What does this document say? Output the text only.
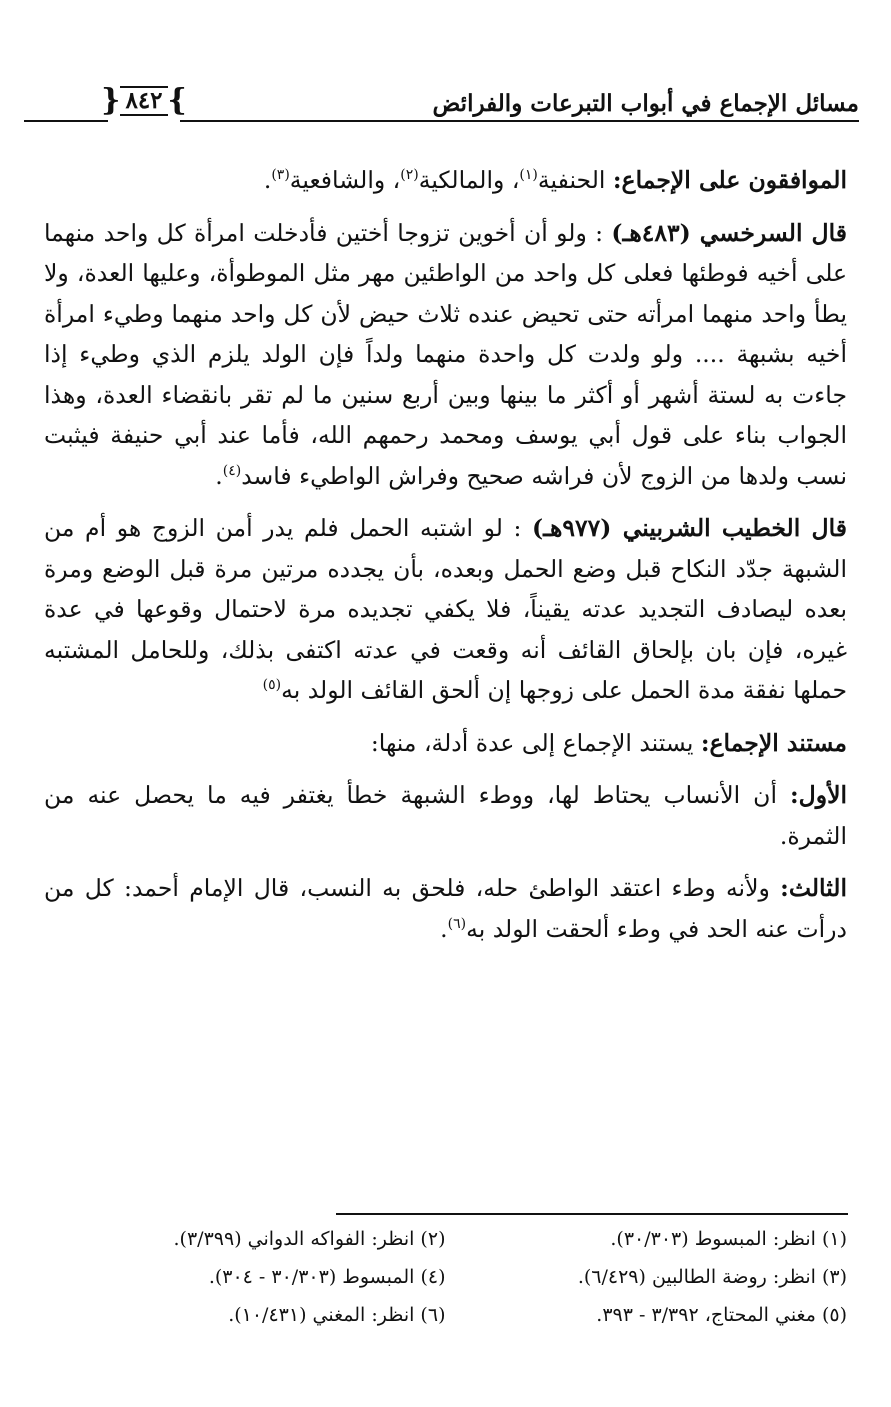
مسائل الإجماع في أبواب التبرعات والفرائض
}
٨٤٢
{

الموافقون على الإجماع: الحنفية$^{(١)}$، والمالكية$^{(٢)}$، والشافعية$^{(٣)}$.

قال السرخسي (٤٨٣هـ) : ولو أن أخوين تزوجا أختين فأدخلت امرأة كل واحد منهما على أخيه فوطئها فعلى كل واحد من الواطئين مهر مثل الموطوأة، وعليها العدة، ولا يطأ واحد منهما امرأته حتى تحيض عنده ثلاث حيض لأن كل واحد منهما وطيء امرأة أخيه بشبهة .... ولو ولدت كل واحدة منهما ولداً فإن الولد يلزم الذي وطيء إذا جاءت به لستة أشهر أو أكثر ما بينها وبين أربع سنين ما لم تقر بانقضاء العدة، وهذا الجواب بناء على قول أبي يوسف ومحمد رحمهم الله، فأما عند أبي حنيفة فيثبت نسب ولدها من الزوج لأن فراشه صحيح وفراش الواطيء فاسد$^{(٤)}$.

قال الخطيب الشربيني (٩٧٧هـ) : لو اشتبه الحمل فلم يدر أمن الزوج هو أم من الشبهة جدّد النكاح قبل وضع الحمل وبعده، بأن يجدده مرتين مرة قبل الوضع ومرة بعده ليصادف التجديد عدته يقيناً، فلا يكفي تجديده مرة لاحتمال وقوعها في عدة غيره، فإن بان بإلحاق القائف أنه وقعت في عدته اكتفى بذلك، وللحامل المشتبه حملها نفقة مدة الحمل على زوجها إن ألحق القائف الولد به$^{(٥)}$

مستند الإجماع: يستند الإجماع إلى عدة أدلة، منها:

الأول: أن الأنساب يحتاط لها، ووطء الشبهة خطأ يغتفر فيه ما يحصل عنه من الثمرة.

الثالث: ولأنه وطء اعتقد الواطئ حله، فلحق به النسب، قال الإمام أحمد: كل من درأت عنه الحد في وطء ألحقت الولد به$^{(٦)}$.

(١) انظر: المبسوط (٣٠/٣٠٣).
(٢) انظر: الفواكه الدواني (٣/٣٩٩).
(٣) انظر: روضة الطالبين (٦/٤٢٩).
(٤) المبسوط (٣٠/٣٠٣ - ٣٠٤).
(٥) مغني المحتاج، ٣/٣٩٢ - ٣٩٣.
(٦) انظر: المغني (١٠/٤٣١).
